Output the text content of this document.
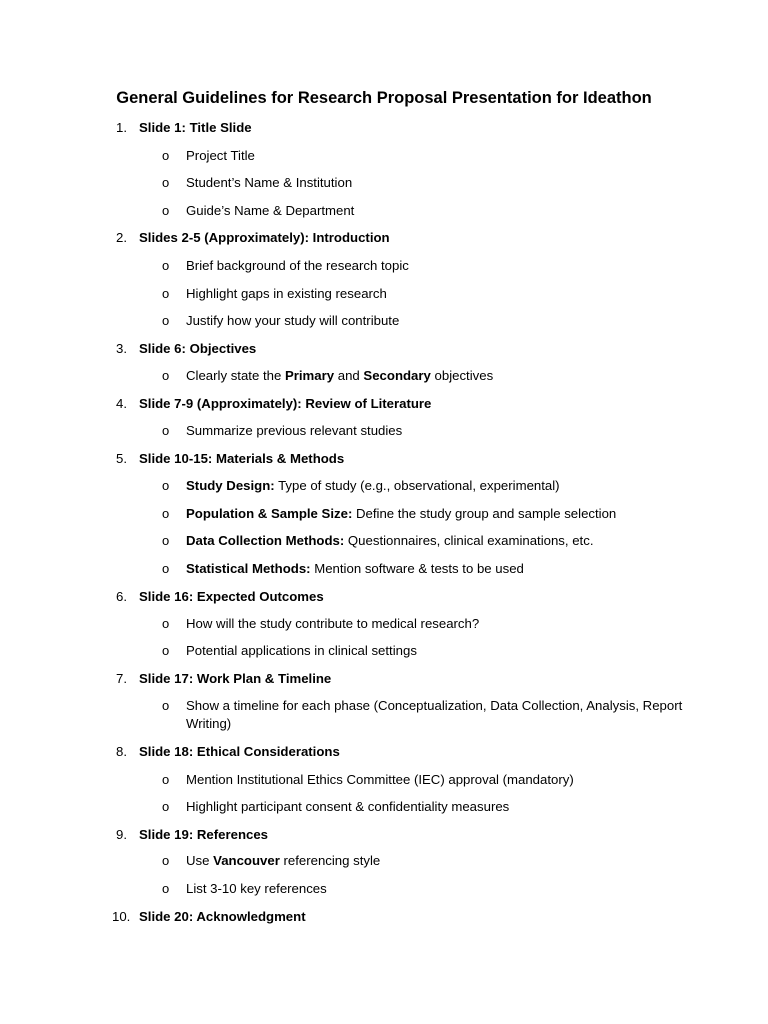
General Guidelines for Research Proposal Presentation for Ideathon
1. Slide 1: Title Slide
o	Project Title
o	Student’s Name & Institution
o	Guide’s Name & Department
2. Slides 2-5 (Approximately): Introduction
o	Brief background of the research topic
o	Highlight gaps in existing research
o	Justify how your study will contribute
3. Slide 6: Objectives
o	Clearly state the Primary and Secondary objectives
4. Slide 7-9 (Approximately): Review of Literature
o	Summarize previous relevant studies
5. Slide 10-15: Materials & Methods
o	Study Design: Type of study (e.g., observational, experimental)
o	Population & Sample Size: Define the study group and sample selection
o	Data Collection Methods: Questionnaires, clinical examinations, etc.
o	Statistical Methods: Mention software & tests to be used
6. Slide 16: Expected Outcomes
o	How will the study contribute to medical research?
o	Potential applications in clinical settings
7. Slide 17: Work Plan & Timeline
o	Show a timeline for each phase (Conceptualization, Data Collection, Analysis, Report Writing)
8. Slide 18: Ethical Considerations
o	Mention Institutional Ethics Committee (IEC) approval (mandatory)
o	Highlight participant consent & confidentiality measures
9. Slide 19: References
o	Use Vancouver referencing style
o	List 3-10 key references
10. Slide 20: Acknowledgment
